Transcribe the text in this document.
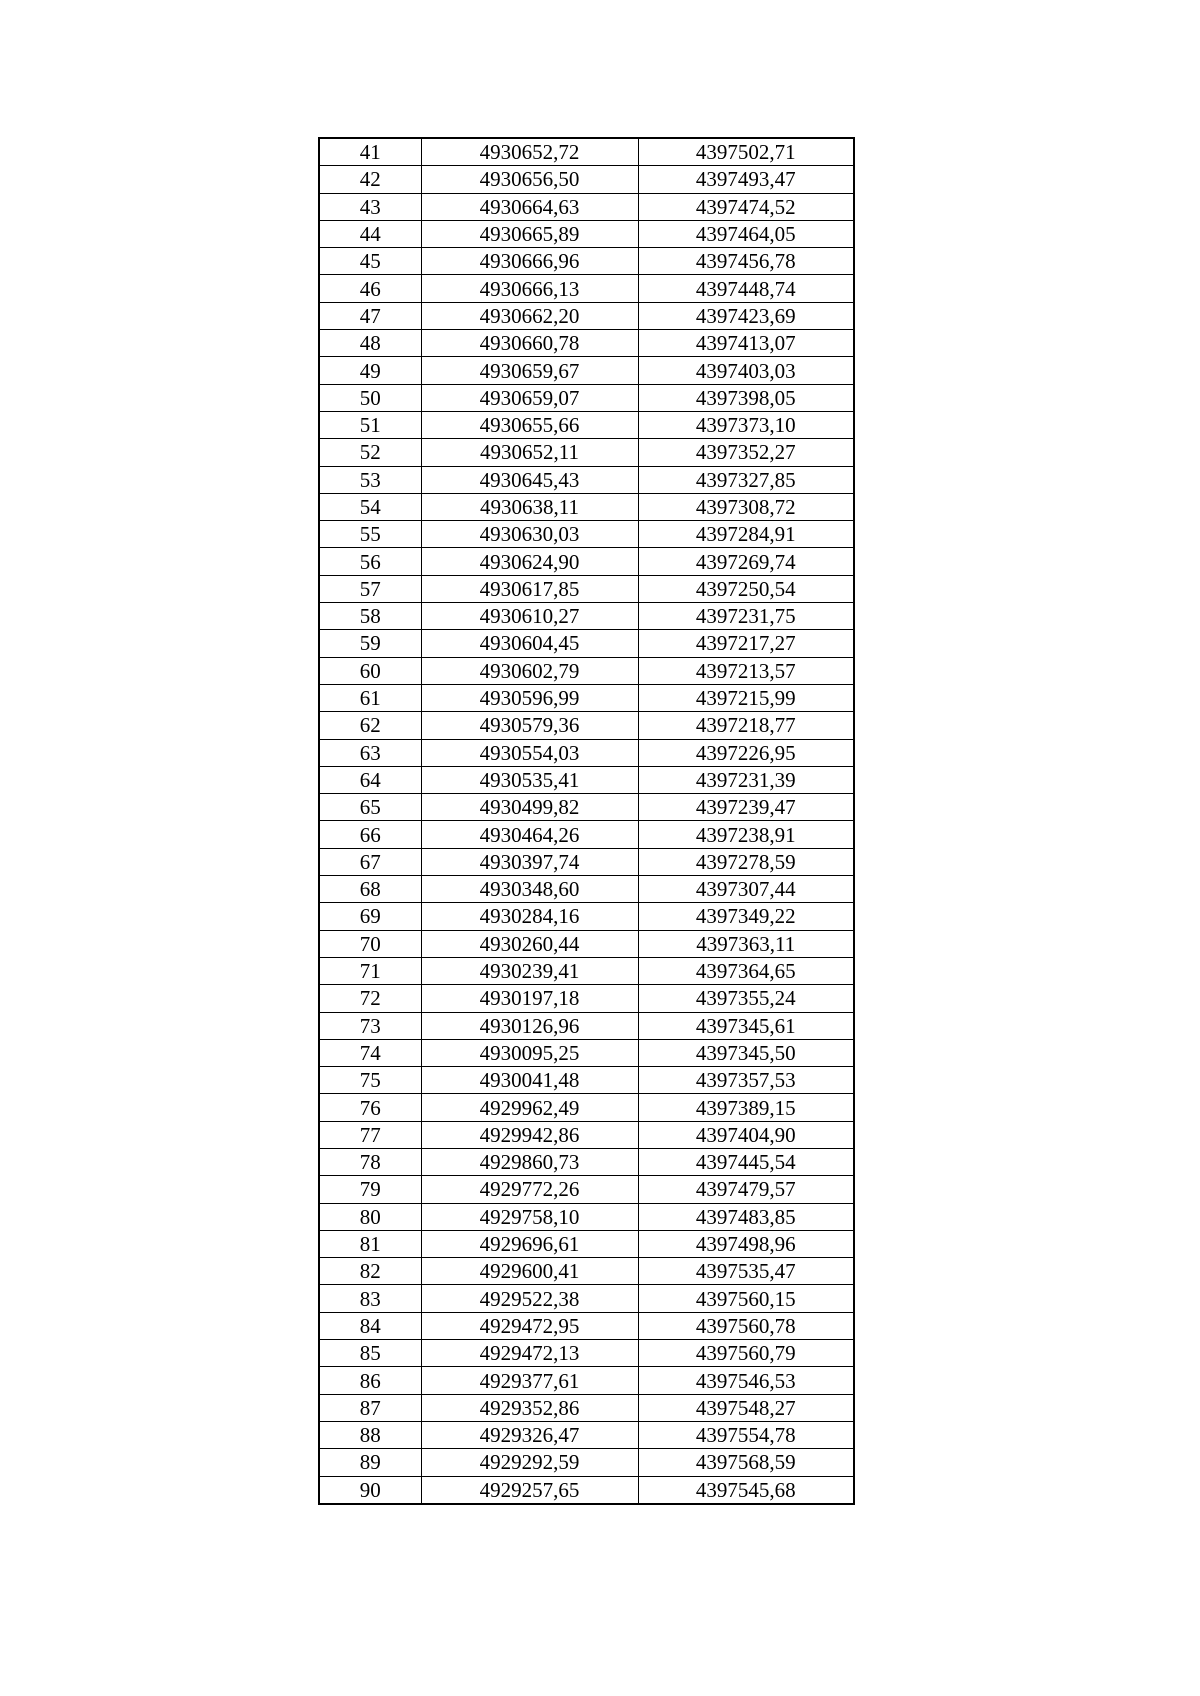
41	4930652,72	4397502,71
42	4930656,50	4397493,47
43	4930664,63	4397474,52
44	4930665,89	4397464,05
45	4930666,96	4397456,78
46	4930666,13	4397448,74
47	4930662,20	4397423,69
48	4930660,78	4397413,07
49	4930659,67	4397403,03
50	4930659,07	4397398,05
51	4930655,66	4397373,10
52	4930652,11	4397352,27
53	4930645,43	4397327,85
54	4930638,11	4397308,72
55	4930630,03	4397284,91
56	4930624,90	4397269,74
57	4930617,85	4397250,54
58	4930610,27	4397231,75
59	4930604,45	4397217,27
60	4930602,79	4397213,57
61	4930596,99	4397215,99
62	4930579,36	4397218,77
63	4930554,03	4397226,95
64	4930535,41	4397231,39
65	4930499,82	4397239,47
66	4930464,26	4397238,91
67	4930397,74	4397278,59
68	4930348,60	4397307,44
69	4930284,16	4397349,22
70	4930260,44	4397363,11
71	4930239,41	4397364,65
72	4930197,18	4397355,24
73	4930126,96	4397345,61
74	4930095,25	4397345,50
75	4930041,48	4397357,53
76	4929962,49	4397389,15
77	4929942,86	4397404,90
78	4929860,73	4397445,54
79	4929772,26	4397479,57
80	4929758,10	4397483,85
81	4929696,61	4397498,96
82	4929600,41	4397535,47
83	4929522,38	4397560,15
84	4929472,95	4397560,78
85	4929472,13	4397560,79
86	4929377,61	4397546,53
87	4929352,86	4397548,27
88	4929326,47	4397554,78
89	4929292,59	4397568,59
90	4929257,65	4397545,68
